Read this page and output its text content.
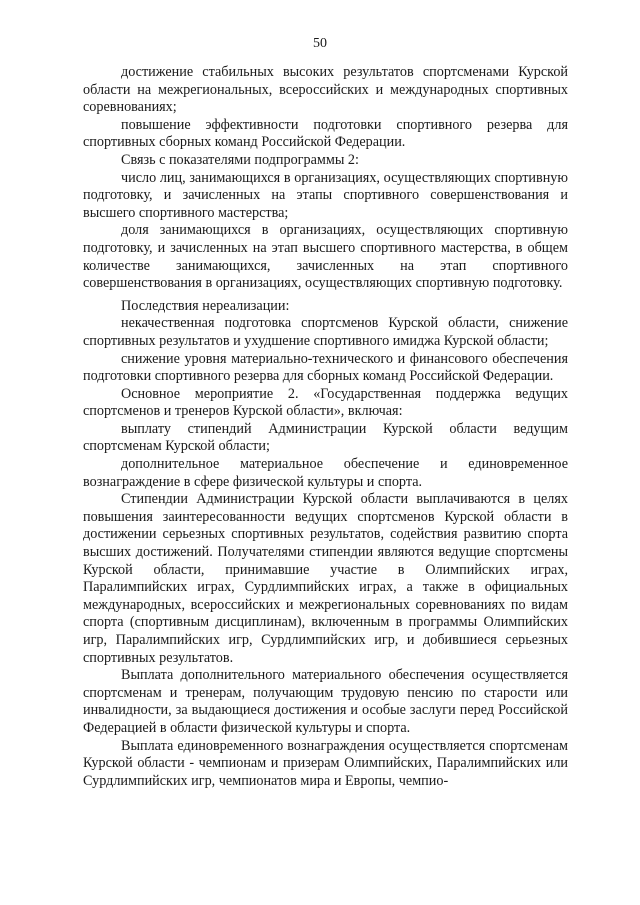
50

достижение стабильных высоких результатов спортсменами Курской области на межрегиональных, всероссийских и международных спортивных соревнованиях;

повышение эффективности подготовки спортивного резерва для спортивных сборных команд Российской Федерации.

Связь с показателями подпрограммы 2:

число лиц, занимающихся в организациях, осуществляющих спортивную подготовку, и зачисленных на этапы спортивного совершенствования и высшего спортивного мастерства;

доля занимающихся в организациях, осуществляющих спортивную подготовку, и зачисленных на этап высшего спортивного мастерства, в общем количестве занимающихся, зачисленных на этап спортивного совершенствования в организациях, осуществляющих спортивную подготовку.

Последствия нереализации:

некачественная подготовка спортсменов Курской области, снижение спортивных результатов и ухудшение спортивного имиджа Курской области;

снижение уровня материально-технического и финансового обеспечения подготовки спортивного резерва для сборных команд Российской Федерации.

Основное мероприятие 2. «Государственная поддержка ведущих спортсменов и тренеров Курской области», включая:

выплату стипендий Администрации Курской области ведущим спортсменам Курской области;

дополнительное материальное обеспечение и единовременное вознаграждение в сфере физической культуры и спорта.

Стипендии Администрации Курской области выплачиваются в целях повышения заинтересованности ведущих спортсменов Курской области в достижении серьезных спортивных результатов, содействия развитию спорта высших достижений. Получателями стипендии являются ведущие спортсмены Курской области, принимавшие участие в Олимпийских играх, Паралимпийских играх, Сурдлимпийских играх, а также в официальных международных, всероссийских и межрегиональных соревнованиях по видам спорта (спортивным дисциплинам), включенным в программы Олимпийских игр, Паралимпийских игр, Сурдлимпийских игр, и добившиеся серьезных спортивных результатов.

Выплата дополнительного материального обеспечения осуществляется спортсменам и тренерам, получающим трудовую пенсию по старости или инвалидности, за выдающиеся достижения и особые заслуги перед Российской Федерацией в области физической культуры и спорта.

Выплата единовременного вознаграждения осуществляется спортсменам Курской области - чемпионам и призерам Олимпийских, Паралимпийских или Сурдлимпийских игр, чемпионатов мира и Европы, чемпио-
